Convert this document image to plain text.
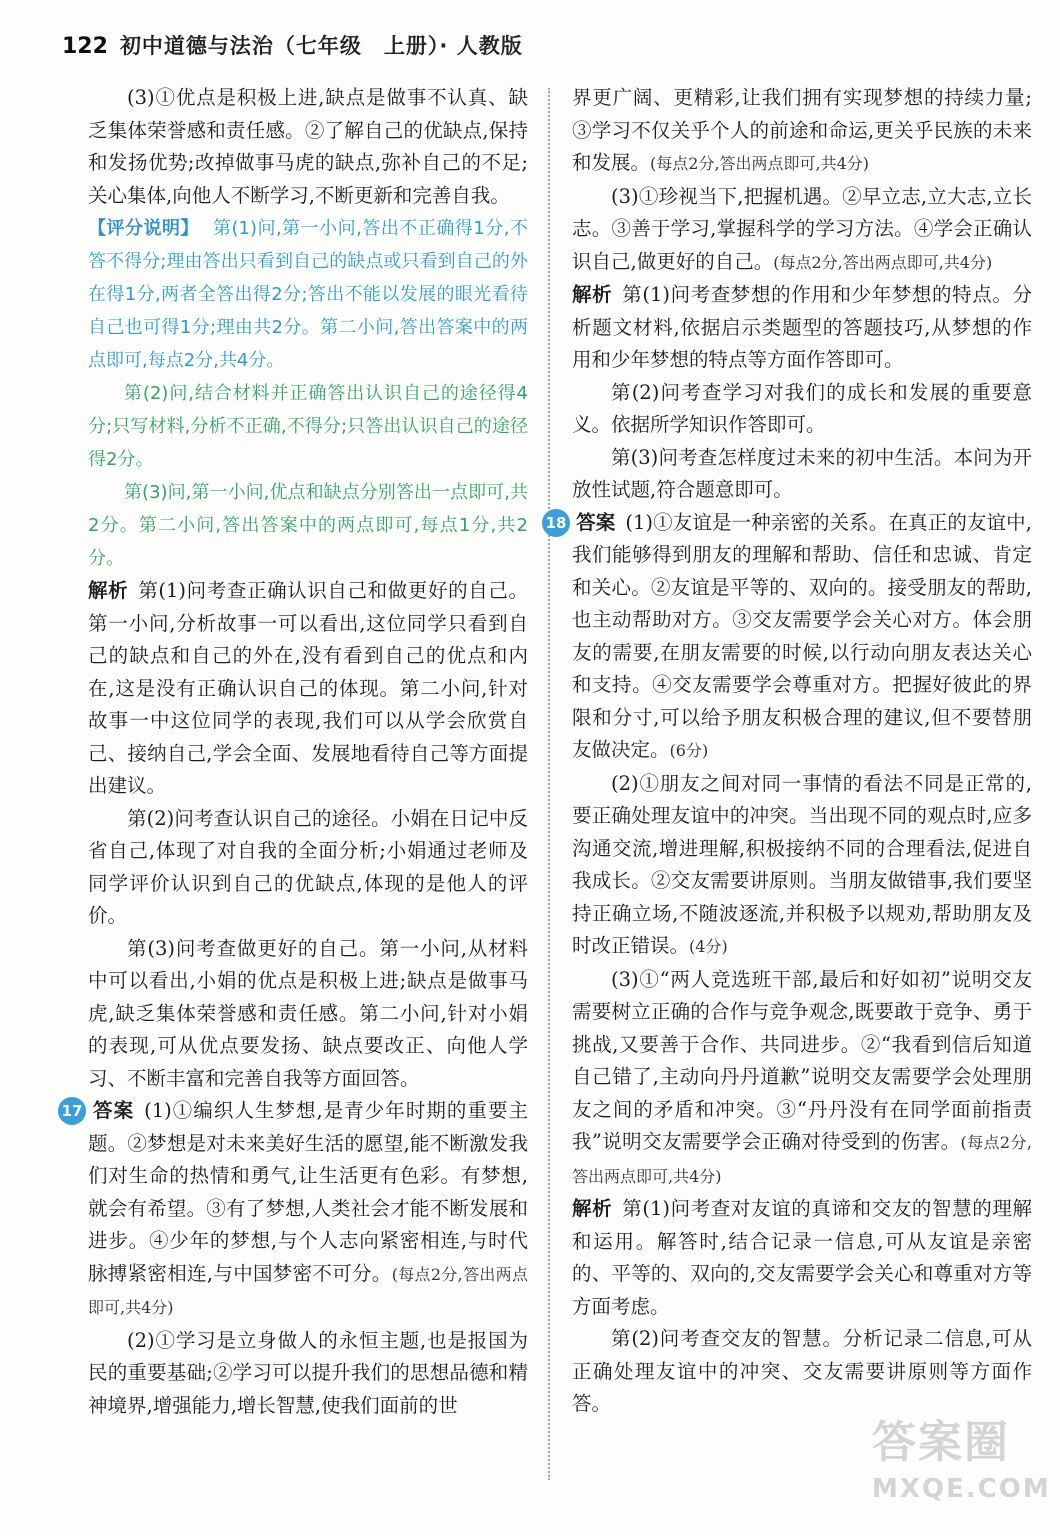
122 初中道德与法治（七年级　上册）· 人教版

(3)①优点是积极上进,缺点是做事不认真、缺乏集体荣誉感和责任感。②了解自己的优缺点,保持和发扬优势;改掉做事马虎的缺点,弥补自己的不足;关心集体,向他人不断学习,不断更新和完善自我。

【评分说明】 第(1)问,第一小问,答出不正确得1分,不答不得分;理由答出只看到自己的缺点或只看到自己的外在得1分,两者全答出得2分;答出不能以发展的眼光看待自己也可得1分;理由共2分。第二小问,答出答案中的两点即可,每点2分,共4分。

第(2)问,结合材料并正确答出认识自己的途径得4分;只写材料,分析不正确,不得分;只答出认识自己的途径得2分。

第(3)问,第一小问,优点和缺点分别答出一点即可,共2分。第二小问,答出答案中的两点即可,每点1分,共2分。

解析 第(1)问考查正确认识自己和做更好的自己。第一小问,分析故事一可以看出,这位同学只看到自己的缺点和自己的外在,没有看到自己的优点和内在,这是没有正确认识自己的体现。第二小问,针对故事一中这位同学的表现,我们可以从学会欣赏自己、接纳自己,学会全面、发展地看待自己等方面提出建议。

第(2)问考查认识自己的途径。小娟在日记中反省自己,体现了对自我的全面分析;小娟通过老师及同学评价认识到自己的优缺点,体现的是他人的评价。

第(3)问考查做更好的自己。第一小问,从材料中可以看出,小娟的优点是积极上进;缺点是做事马虎,缺乏集体荣誉感和责任感。第二小问,针对小娟的表现,可从优点要发扬、缺点要改正、向他人学习、不断丰富和完善自我等方面回答。

17 答案 (1)①编织人生梦想,是青少年时期的重要主题。②梦想是对未来美好生活的愿望,能不断激发我们对生命的热情和勇气,让生活更有色彩。有梦想,就会有希望。③有了梦想,人类社会才能不断发展和进步。④少年的梦想,与个人志向紧密相连,与时代脉搏紧密相连,与中国梦密不可分。(每点2分,答出两点即可,共4分)

(2)①学习是立身做人的永恒主题,也是报国为民的重要基础;②学习可以提升我们的思想品德和精神境界,增强能力,增长智慧,使我们面前的世

界更广阔、更精彩,让我们拥有实现梦想的持续力量;③学习不仅关乎个人的前途和命运,更关乎民族的未来和发展。(每点2分,答出两点即可,共4分)

(3)①珍视当下,把握机遇。②早立志,立大志,立长志。③善于学习,掌握科学的学习方法。④学会正确认识自己,做更好的自己。(每点2分,答出两点即可,共4分)

解析 第(1)问考查梦想的作用和少年梦想的特点。分析题文材料,依据启示类题型的答题技巧,从梦想的作用和少年梦想的特点等方面作答即可。

第(2)问考查学习对我们的成长和发展的重要意义。依据所学知识作答即可。

第(3)问考查怎样度过未来的初中生活。本问为开放性试题,符合题意即可。

18 答案 (1)①友谊是一种亲密的关系。在真正的友谊中,我们能够得到朋友的理解和帮助、信任和忠诚、肯定和关心。②友谊是平等的、双向的。接受朋友的帮助,也主动帮助对方。③交友需要学会关心对方。体会朋友的需要,在朋友需要的时候,以行动向朋友表达关心和支持。④交友需要学会尊重对方。把握好彼此的界限和分寸,可以给予朋友积极合理的建议,但不要替朋友做决定。(6分)

(2)①朋友之间对同一事情的看法不同是正常的,要正确处理友谊中的冲突。当出现不同的观点时,应多沟通交流,增进理解,积极接纳不同的合理看法,促进自我成长。②交友需要讲原则。当朋友做错事,我们要坚持正确立场,不随波逐流,并积极予以规劝,帮助朋友及时改正错误。(4分)

(3)①“两人竞选班干部,最后和好如初”说明交友需要树立正确的合作与竞争观念,既要敢于竞争、勇于挑战,又要善于合作、共同进步。②“我看到信后知道自己错了,主动向丹丹道歉”说明交友需要学会处理朋友之间的矛盾和冲突。③“丹丹没有在同学面前指责我”说明交友需要学会正确对待受到的伤害。(每点2分,答出两点即可,共4分)

解析 第(1)问考查对友谊的真谛和交友的智慧的理解和运用。解答时,结合记录一信息,可从友谊是亲密的、平等的、双向的,交友需要学会关心和尊重对方等方面考虑。

第(2)问考查交友的智慧。分析记录二信息,可从正确处理友谊中的冲突、交友需要讲原则等方面作答。

答案圈
MXQE.COM
